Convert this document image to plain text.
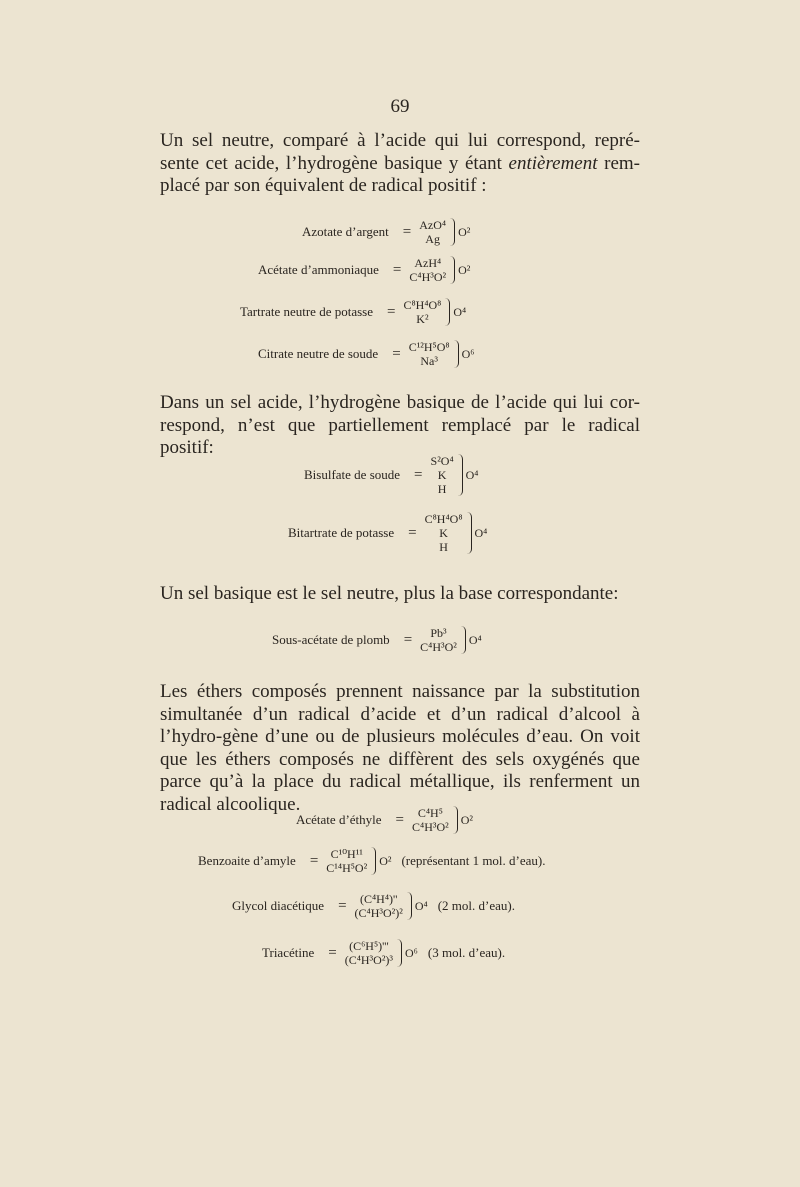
69
Un sel neutre, comparé à l’acide qui lui correspond, repré-sente cet acide, l’hydrogène basique y étant entièrement rem-placé par son équivalent de radical positif :
Azotate d’argent = AzO⁴
Ag
O²
Acétate d’ammoniaque = AzH⁴
C⁴H³O²
O²
Tartrate neutre de potasse = C⁸H⁴O⁸
K²
O⁴
Citrate neutre de soude = C¹²H⁵O⁸
Na³
O⁶
Dans un sel acide, l’hydrogène basique de l’acide qui lui cor-respond, n’est que partiellement remplacé par le radical positif:
Bisulfate de soude =
S²O⁴
K
H
O⁴
Bitartrate de potasse =
C⁸H⁴O⁸
K
H
O⁴
Un sel basique est le sel neutre, plus la base correspondante:
Sous-acétate de plomb = Pb³
C⁴H³O²
O⁴
Les éthers composés prennent naissance par la substitution simultanée d’un radical d’acide et d’un radical d’alcool à l’hydro-gène d’une ou de plusieurs molécules d’eau. On voit que les éthers composés ne diffèrent des sels oxygénés que parce qu’à la place du radical métallique, ils renferment un radical alcoolique.
Acétate d’éthyle = C⁴H⁵
C⁴H³O²
O²
Benzoaite d’amyle = C¹⁰H¹¹
C¹⁴H⁵O²
O² (représentant 1 mol. d’eau).
Glycol diacétique = (C⁴H⁴)''
(C⁴H³O²)²
O⁴ (2 mol. d’eau).
Triacétine = (C⁶H⁵)'''
(C⁴H³O²)³
O⁶ (3 mol. d’eau).
